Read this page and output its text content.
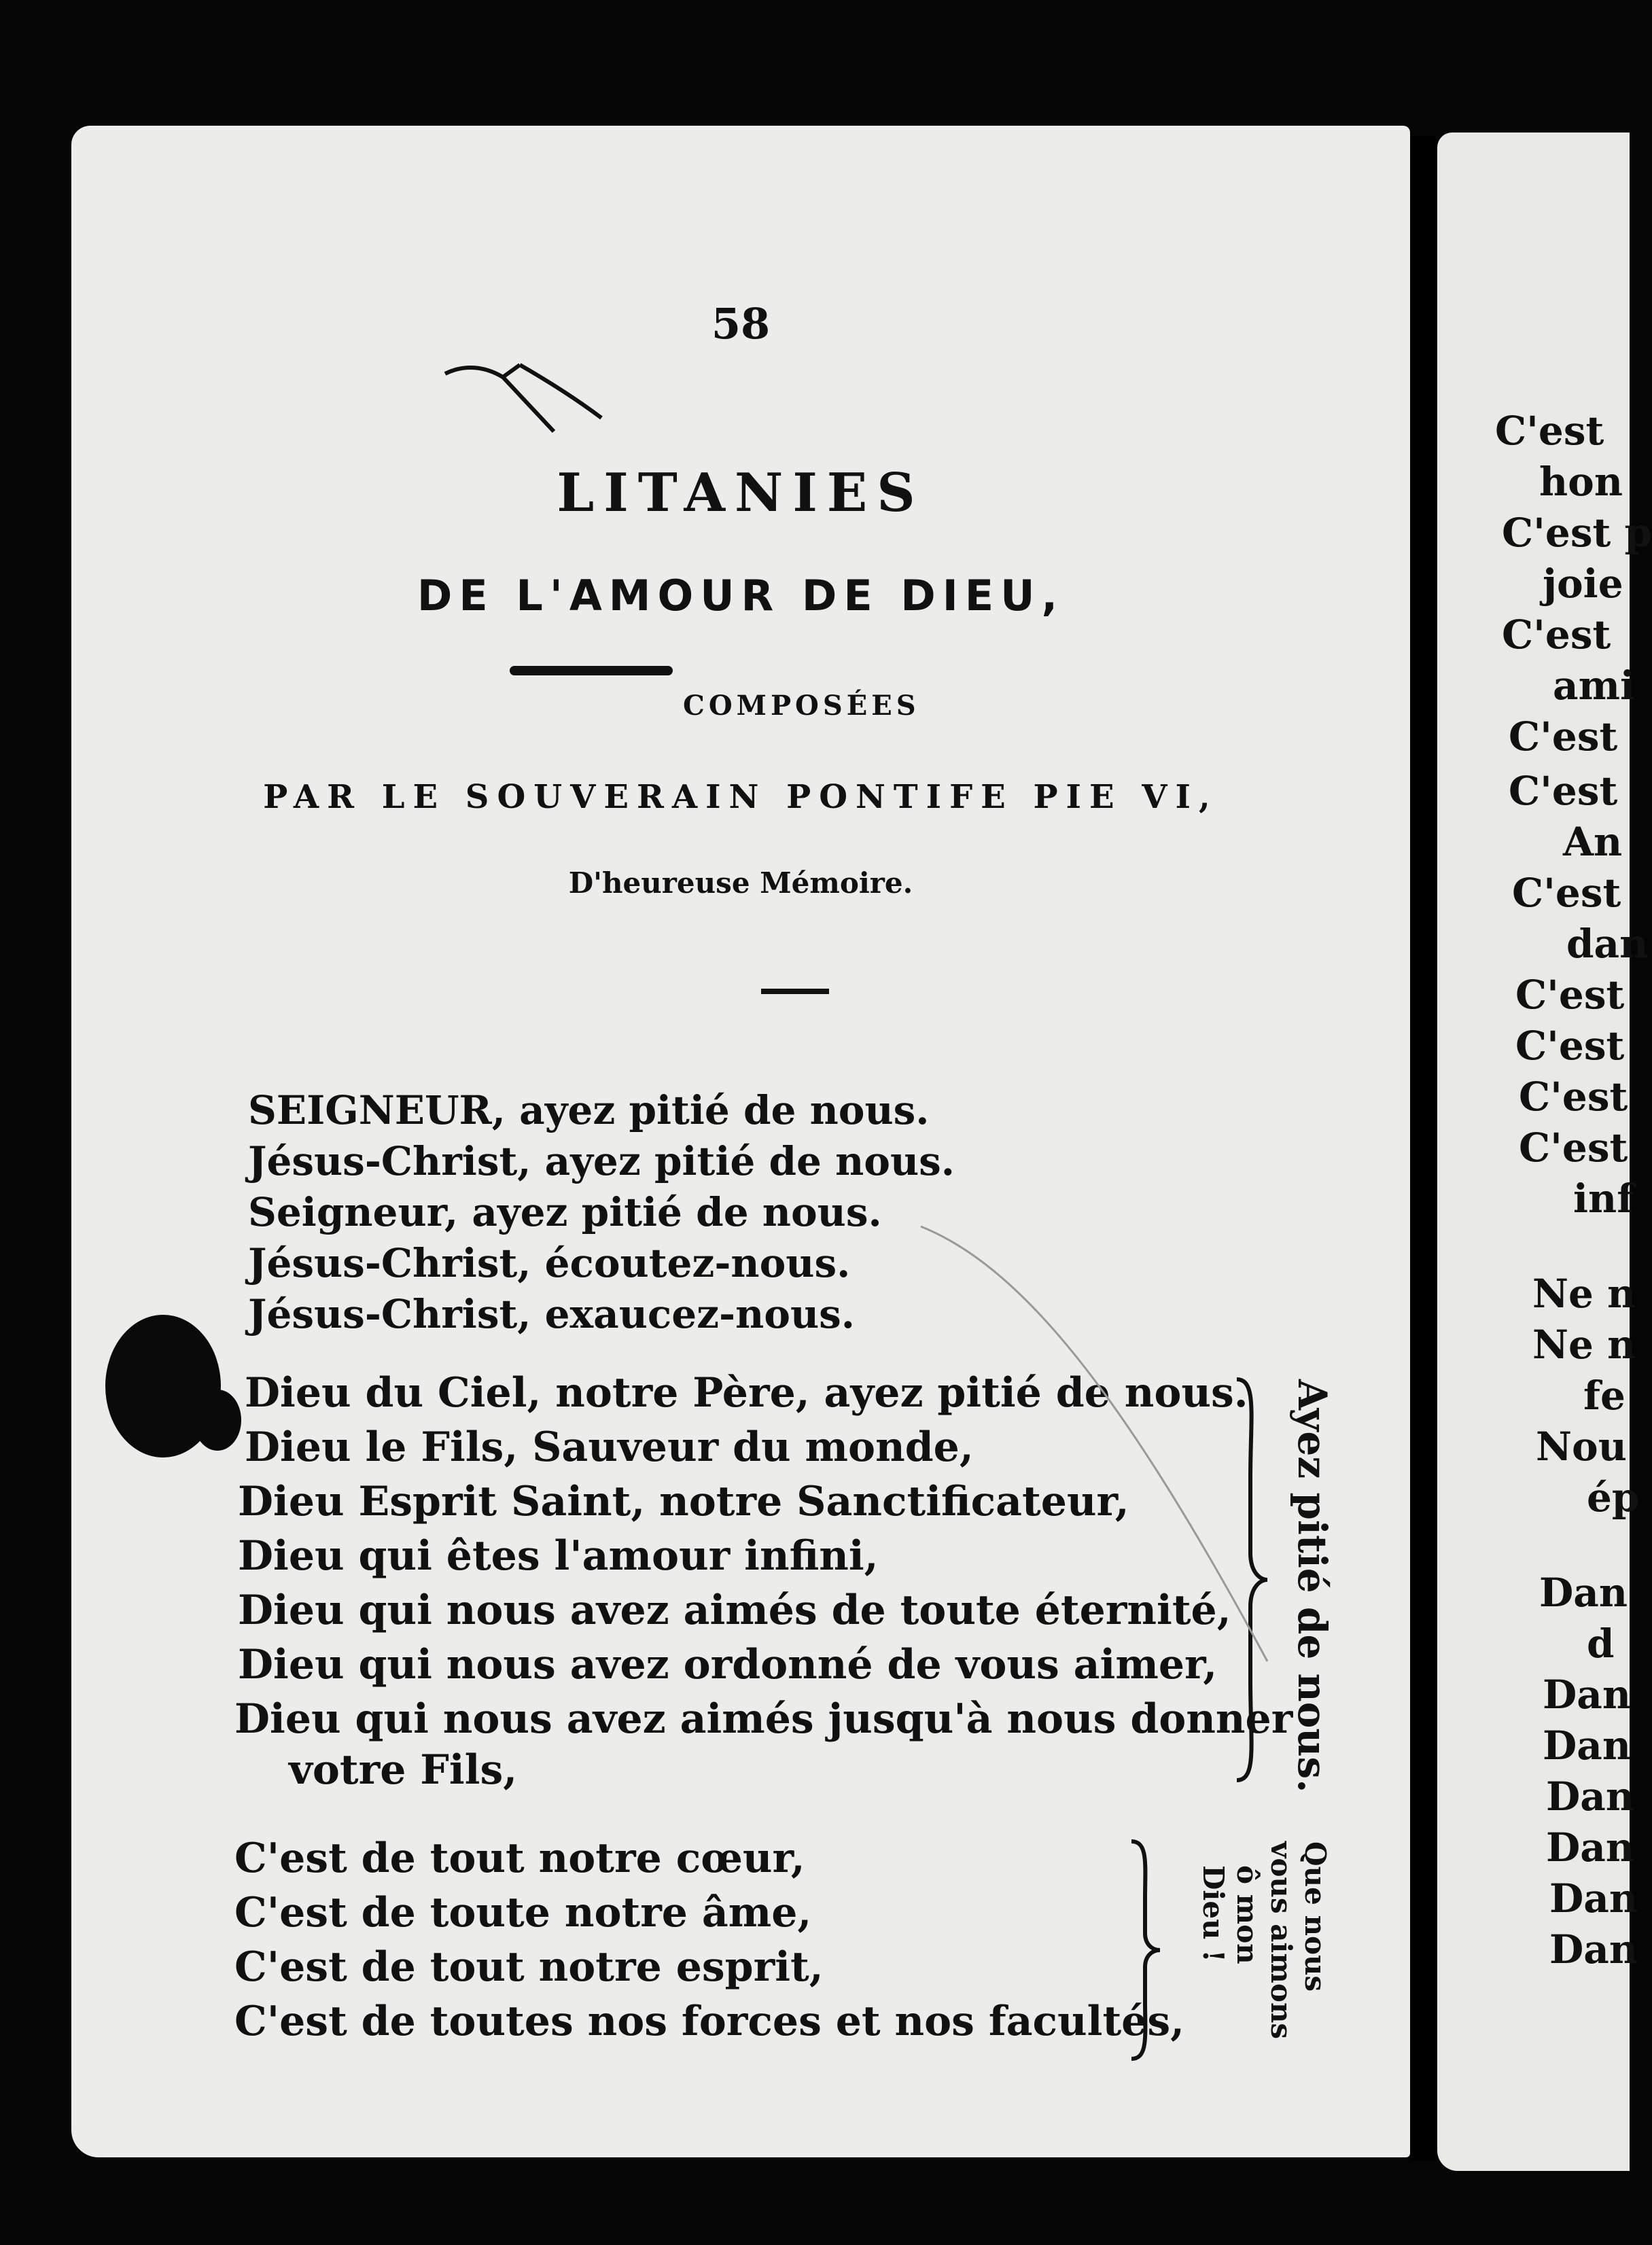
58
LITANIES
DE L'AMOUR DE DIEU,
COMPOSÉES
PAR LE SOUVERAIN PONTIFE PIE VI,
D'heureuse Mémoire.
SEIGNEUR, ayez pitié de nous.
Jésus-Christ, ayez pitié de nous.
Seigneur, ayez pitié de nous.
Jésus-Christ, écoutez-nous.
Jésus-Christ, exaucez-nous.
Dieu du Ciel, notre Père, ayez pitié de nous.
Dieu le Fils, Sauveur du monde,
Dieu Esprit Saint, notre Sanctificateur,
Dieu qui êtes l'amour infini,
Dieu qui nous avez aimés de toute éternité,
Dieu qui nous avez ordonné de vous aimer,
Dieu qui nous avez aimés jusqu'à nous donner
votre Fils,	Ayez pitié de nous.
C'est de tout notre cœur,
C'est de toute notre âme,
C'est de tout notre esprit,
C'est de toutes nos forces et nos facultés,
Que nous
vous aimons
ô mon
Dieu !
C'est
hon
C'est p
joie
C'est
ami
C'est
C'est
An
C'est
dan
C'est
C'est
C'est
C'est
inf
Ne n
Ne n
fe
Nou
ép
Dan
d
Dan
Dan
Dan
Dan
Dan
Dan
